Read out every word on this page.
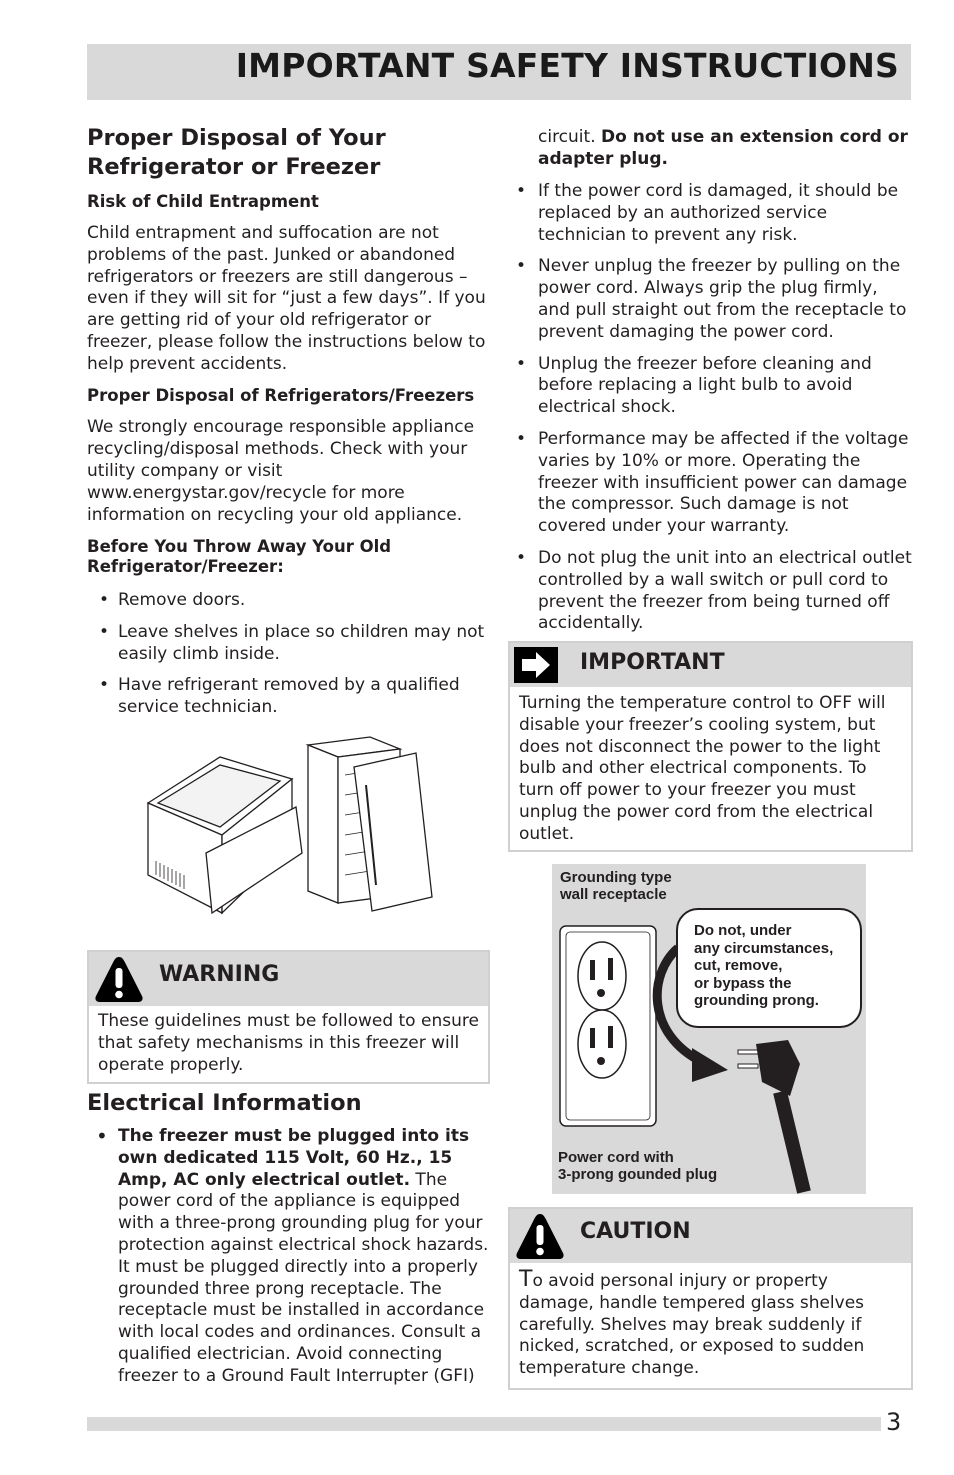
IMPORTANT SAFETY INSTRUCTIONS
Proper Disposal of Your Refrigerator or Freezer
Risk of Child Entrapment

Child entrapment and suffocation are not problems of the past. Junked or abandoned refrigerators or freezers are still dangerous – even if they will sit for “just a few days”. If you are getting rid of your old refrigerator or freezer, please follow the instructions below to help prevent accidents.

Proper Disposal of Refrigerators/Freezers

We strongly encourage responsible appliance recycling/disposal methods. Check with your utility company or visit

www.energystar.gov/recycle for more information on recycling your old appliance.

Before You Throw Away Your Old Refrigerator/Freezer:
• Remove doors.
• Leave shelves in place so children may not easily climb inside.
• Have refrigerant removed by a qualified service technician.
WARNING
These guidelines must be followed to ensure that safety mechanisms in this freezer will operate properly.
Electrical Information
• The freezer must be plugged into its own dedicated 115 Volt, 60 Hz., 15 Amp, AC only electrical outlet. The power cord of the appliance is equipped with a three-prong grounding plug for your protection against electrical shock hazards. It must be plugged directly into a properly grounded three prong receptacle. The receptacle must be installed in accordance with local codes and ordinances. Consult a qualified electrician. Avoid connecting freezer to a Ground Fault Interrupter (GFI)
circuit. Do not use an extension cord or adapter plug.
• If the power cord is damaged, it should be replaced by an authorized service technician to prevent any risk.
• Never unplug the freezer by pulling on the power cord. Always grip the plug firmly, and pull straight out from the receptacle to prevent damaging the power cord.
• Unplug the freezer before cleaning and before replacing a light bulb to avoid electrical shock.
• Performance may be affected if the voltage varies by 10% or more. Operating the freezer with insufficient power can damage the compressor. Such damage is not covered under your warranty.
• Do not plug the unit into an electrical outlet controlled by a wall switch or pull cord to prevent the freezer from being turned off accidentally.
IMPORTANT
Turning the temperature control to OFF will disable your freezer’s cooling system, but does not disconnect the power to the light bulb and other electrical components. To turn off power to your freezer you must unplug the power cord from the electrical outlet.
Grounding type
wall receptacle
Do not, under
any circumstances,
cut, remove,
or bypass the
grounding prong.
Power cord with
3-prong gounded plug
CAUTION
To avoid personal injury or property damage, handle tempered glass shelves carefully. Shelves may break suddenly if nicked, scratched, or exposed to sudden temperature change.
3
